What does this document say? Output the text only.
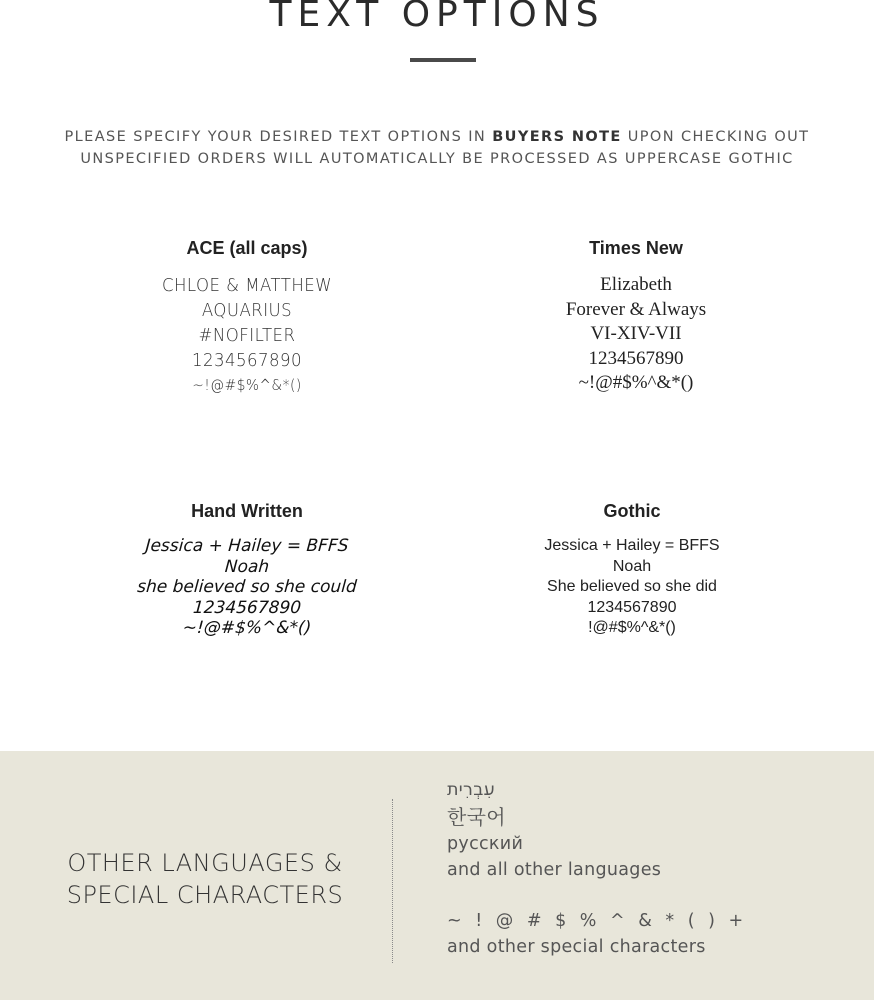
TEXT OPTIONS
PLEASE SPECIFY YOUR DESIRED TEXT OPTIONS IN BUYERS NOTE UPON CHECKING OUT
UNSPECIFIED ORDERS WILL AUTOMATICALLY BE PROCESSED AS UPPERCASE GOTHIC
ACE (all caps)
CHLOE & MATTHEW
AQUARIUS
#NOFILTER
1234567890
~!@#$%^&*()
Times New
Elizabeth
Forever & Always
VI-XIV-VII
1234567890
~!@#$%^&*()
Hand Written
Jessica + Hailey = BFFS
Noah
she believed so she could
1234567890
~!@#$%^&*()
Gothic
Jessica + Hailey = BFFS
Noah
She believed so she did
1234567890
!@#$%^&*()
OTHER LANGUAGES &
SPECIAL CHARACTERS
עִבְרִית
한국어
русский
and all other languages
~ ! @ # $ % ^ & * ( ) +
and other special characters
